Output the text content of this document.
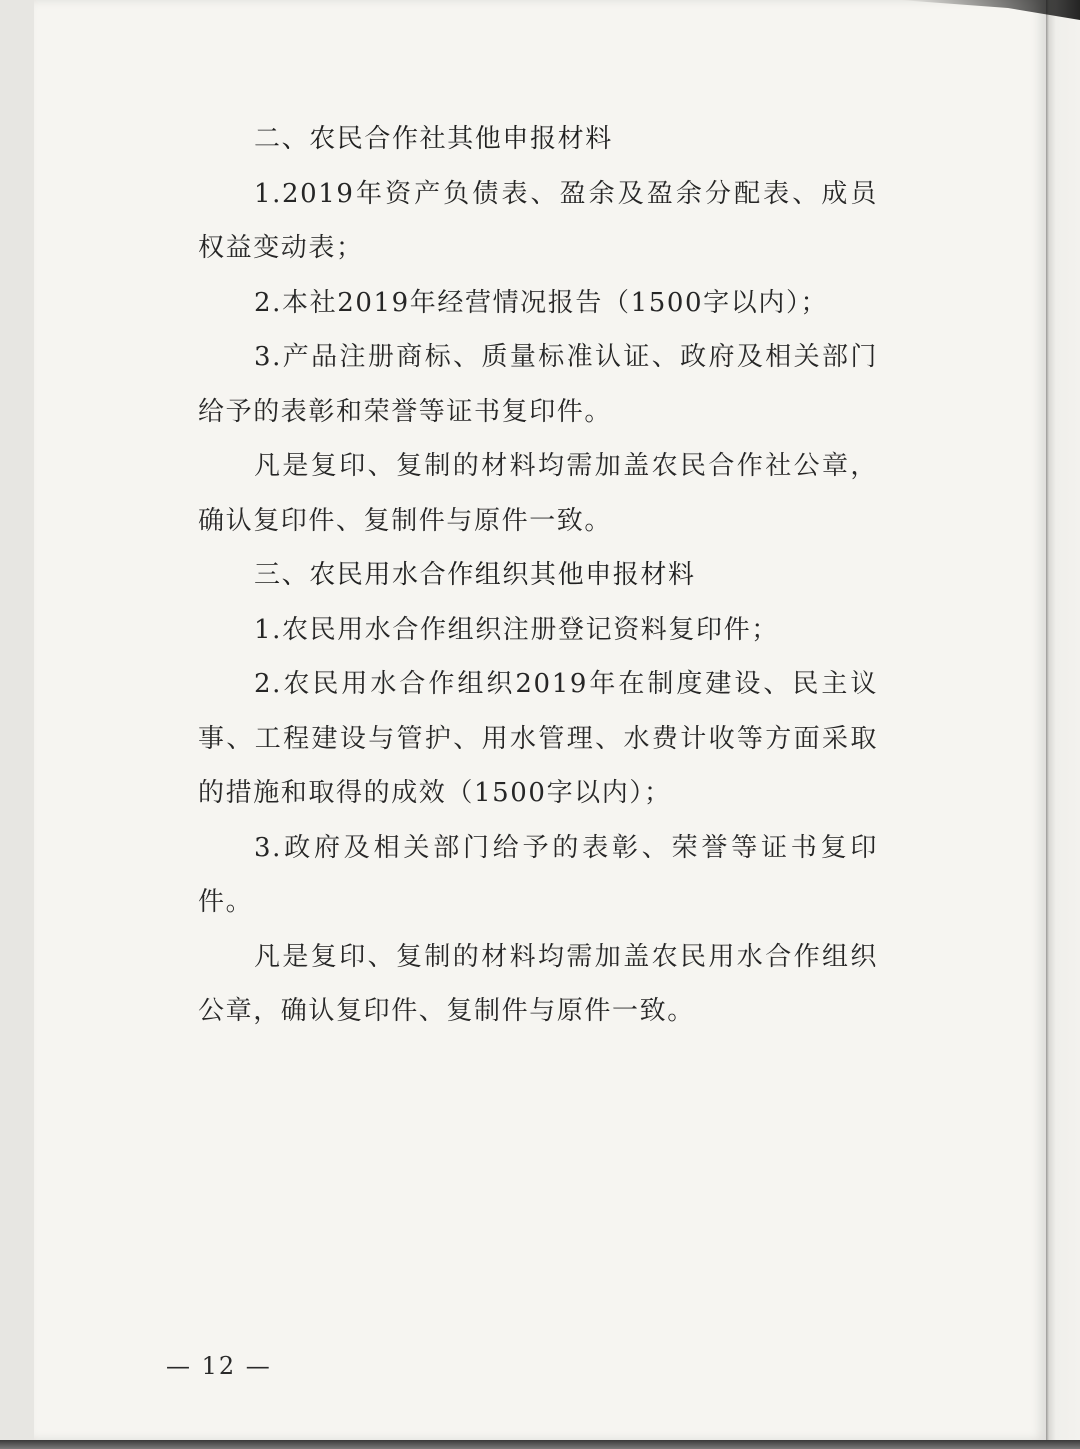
二、农民合作社其他申报材料

1.2019年资产负债表、盈余及盈余分配表、成员权益变动表；

2.本社2019年经营情况报告（1500字以内）；

3.产品注册商标、质量标准认证、政府及相关部门给予的表彰和荣誉等证书复印件。

凡是复印、复制的材料均需加盖农民合作社公章，确认复印件、复制件与原件一致。

三、农民用水合作组织其他申报材料

1.农民用水合作组织注册登记资料复印件；

2.农民用水合作组织2019年在制度建设、民主议事、工程建设与管护、用水管理、水费计收等方面采取的措施和取得的成效（1500字以内）；

3.政府及相关部门给予的表彰、荣誉等证书复印件。

凡是复印、复制的材料均需加盖农民用水合作组织公章，确认复印件、复制件与原件一致。

— 12 —
